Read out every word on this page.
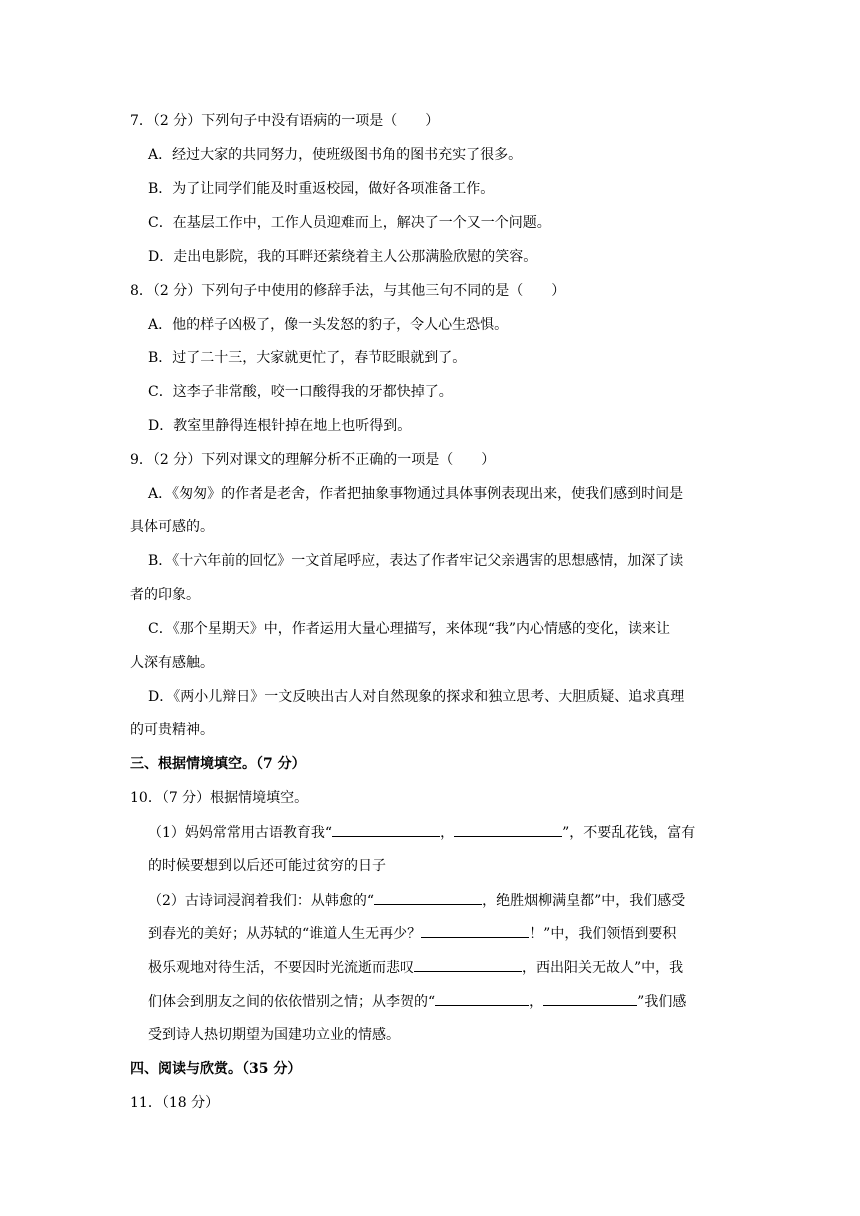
7．（2 分）下列句子中没有语病的一项是（　　）
A．经过大家的共同努力，使班级图书角的图书充实了很多。
B．为了让同学们能及时重返校园，做好各项准备工作。
C．在基层工作中，工作人员迎难而上，解决了一个又一个问题。
D．走出电影院，我的耳畔还萦绕着主人公那满脸欣慰的笑容。
8．（2 分）下列句子中使用的修辞手法，与其他三句不同的是（　　）
A．他的样子凶极了，像一头发怒的豹子，令人心生恐惧。
B．过了二十三，大家就更忙了，春节眨眼就到了。
C．这李子非常酸，咬一口酸得我的牙都快掉了。
D．教室里静得连根针掉在地上也听得到。
9．（2 分）下列对课文的理解分析不正确的一项是（　　）
A．《匆匆》的作者是老舍，作者把抽象事物通过具体事例表现出来，使我们感到时间是
具体可感的。
B．《十六年前的回忆》一文首尾呼应，表达了作者牢记父亲遇害的思想感情，加深了读
者的印象。
C．《那个星期天》中，作者运用大量心理描写，来体现“我”内心情感的变化，读来让
人深有感触。
D．《两小儿辩日》一文反映出古人对自然现象的探求和独立思考、大胆质疑、追求真理
的可贵精神。
三、根据情境填空。（7 分）
10．（7 分）根据情境填空。
（1）妈妈常常用古语教育我“	，	”，不要乱花钱，富有
的时候要想到以后还可能过贫穷的日子
（2）古诗词浸润着我们：从韩愈的“	，绝胜烟柳满皇都”中，我们感受
到春光的美好；从苏轼的“谁道人生无再少？	！”中，我们领悟到要积
极乐观地对待生活，不要因时光流逝而悲叹	，西出阳关无故人”中，我
们体会到朋友之间的依依惜别之情；从李贺的“	，	”我们感
受到诗人热切期望为国建功立业的情感。
四、阅读与欣赏。（35 分）
11．（18 分）
